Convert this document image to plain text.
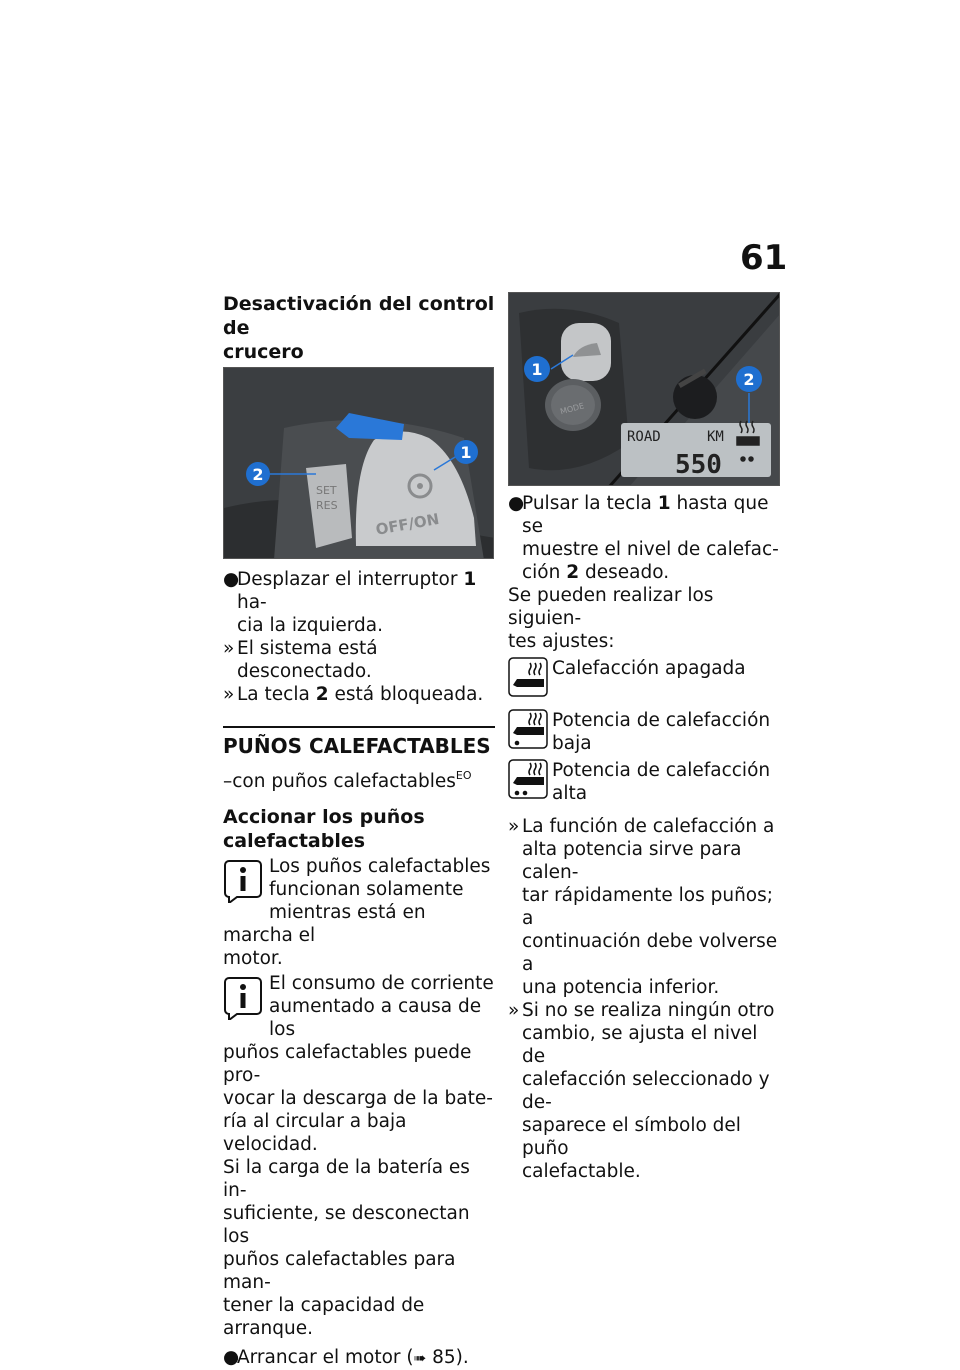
61

Desactivación del control de
crucero

SET
RES
OFF/ON
1
2
●
Desplazar el interruptor 1 ha-
cia la izquierda.
» El sistema está desconectado.
» La tecla 2 está bloqueada.

PUÑOS CALEFACTABLES

–con puños calefactables$^{EO}$

Accionar los puños
calefactables

Los puños calefactables
funcionan solamente
mientras está en marcha el
motor.
El consumo de corriente
aumentado a causa de los
puños calefactables puede pro-
vocar la descarga de la bate-
ría al circular a baja velocidad.
Si la carga de la batería es in-
suficiente, se desconectan los
puños calefactables para man-
tener la capacidad de arranque.
●
Arrancar el motor (➠ 85).
MODE
ROAD	KM
550
1
2
●
Pulsar la tecla 1 hasta que se
muestre el nivel de calefac-
ción 2 deseado.

Se pueden realizar los siguien-
tes ajustes:

Calefacción apagada
Potencia de calefacción
baja
Potencia de calefacción
alta
» La función de calefacción a
alta potencia sirve para calen-
tar rápidamente los puños; a
continuación debe volverse a
una potencia inferior.
» Si no se realiza ningún otro
cambio, se ajusta el nivel de
calefacción seleccionado y de-
saparece el símbolo del puño
calefactable.
